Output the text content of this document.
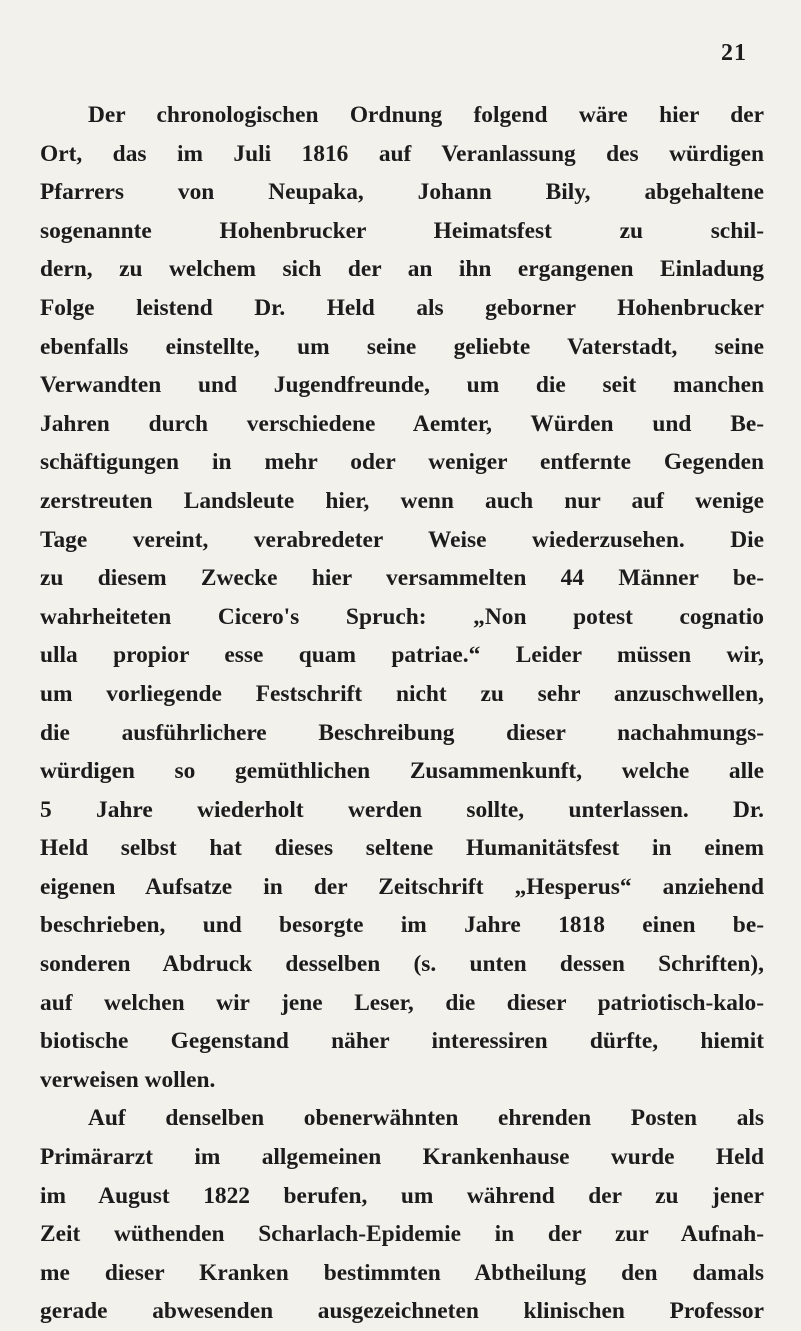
21
Der chronologischen Ordnung folgend wäre hier der
Ort, das im Juli 1816 auf Veranlassung des würdigen
Pfarrers von Neupaka, Johann Bily, abgehaltene
sogenannte Hohenbrucker Heimatsfest zu schil-
dern, zu welchem sich der an ihn ergangenen Einladung
Folge leistend Dr. Held als geborner Hohenbrucker
ebenfalls einstellte, um seine geliebte Vaterstadt, seine
Verwandten und Jugendfreunde, um die seit manchen
Jahren durch verschiedene Aemter, Würden und Be-
schäftigungen in mehr oder weniger entfernte Gegenden
zerstreuten Landsleute hier, wenn auch nur auf wenige
Tage vereint, verabredeter Weise wiederzusehen. Die
zu diesem Zwecke hier versammelten 44 Männer be-
wahrheiteten Cicero's Spruch: „Non potest cognatio
ulla propior esse quam patriae.“ Leider müssen wir,
um vorliegende Festschrift nicht zu sehr anzuschwellen,
die ausführlichere Beschreibung dieser nachahmungs-
würdigen so gemüthlichen Zusammenkunft, welche alle
5 Jahre wiederholt werden sollte, unterlassen. Dr.
Held selbst hat dieses seltene Humanitätsfest in einem
eigenen Aufsatze in der Zeitschrift „Hesperus“ anziehend
beschrieben, und besorgte im Jahre 1818 einen be-
sonderen Abdruck desselben (s. unten dessen Schriften),
auf welchen wir jene Leser, die dieser patriotisch-kalo-
biotische Gegenstand näher interessiren dürfte, hiemit
verweisen wollen.
Auf denselben obenerwähnten ehrenden Posten als
Primärarzt im allgemeinen Krankenhause wurde Held
im August 1822 berufen, um während der zu jener
Zeit wüthenden Scharlach-Epidemie in der zur Aufnah-
me dieser Kranken bestimmten Abtheilung den damals
gerade abwesenden ausgezeichneten klinischen Professor
